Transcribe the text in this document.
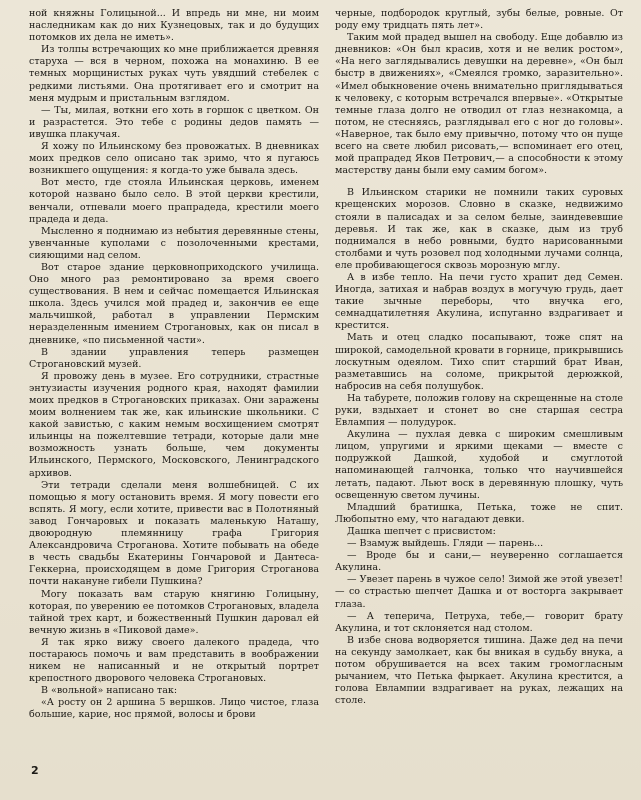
ной княжны Голицыной... И впредь ни мне, ни моим наследникам как до них Кузнецовых, так и до будущих потомков их дела не иметь».

Из толпы встречающих ко мне приближается древняя старуха — вся в черном, похожа на монахиню. В ее темных морщинистых руках чуть увядший стебелек с редкими листьями. Она протягивает его и смотрит на меня мудрым и пристальным взглядом.

— Ты, милая, воткни его хоть в горшок с цветком. Он и разрастется. Это тебе с родины дедов память — ивушка плакучая.

Я хожу по Ильинскому без провожатых. В дневниках моих предков село описано так зримо, что я пугаюсь возникшего ощущения: я когда-то уже бывала здесь.

Вот место, где стояла Ильинская церковь, именем которой названо было село. В этой церкви крестили, венчали, отпевали моего прапрадеда, крестили моего прадеда и деда.

Мысленно я поднимаю из небытия деревянные стены, увенчанные куполами с позолоченными крестами, сияющими над селом.

Вот старое здание церковноприходского училища. Оно много раз ремонтировано за время своего существования. В нем и сейчас помещается Ильинская школа. Здесь учился мой прадед и, закончив ее еще мальчишкой, работал в управлении Пермским неразделенным имением Строгановых, как он писал в дневнике, «по письменной части».

В здании управления теперь размещен Строгановский музей.

Я провожу день в музее. Его сотрудники, страстные энтузиасты изучения родного края, находят фамилии моих предков в Строгановских приказах. Они заражены моим волнением так же, как ильинские школьники. С какой завистью, с каким немым восхищением смотрят ильинцы на пожелтевшие тетради, которые дали мне возможность узнать больше, чем документы Ильинского, Пермского, Московского, Ленинградского архивов.

Эти тетради сделали меня волшебницей. С их помощью я могу остановить время. Я могу повести его вспять. Я могу, если хотите, привести вас в Полотняный завод Гончаровых и показать маленькую Наташу, двоюродную племянницу графа Григория Александровича Строганова. Хотите побывать на обеде в честь свадьбы Екатерины Гончаровой и Дантеса-Геккерна, происходящем в доме Григория Строганова почти накануне гибели Пушкина?

Могу показать вам старую княгиню Голицыну, которая, по уверению ее потомков Строгановых, владела тайной трех карт, и божественный Пушкин даровал ей вечную жизнь в «Пиковой даме».

Я так ярко вижу своего далекого прадеда, что постараюсь помочь и вам представить в воображении никем не написанный и не открытый портрет крепостного дворового человека Строгановых.

В «вольной» написано так:

«А росту он 2 аршина 5 вершков. Лицо чистое, глаза большие, карие, нос прямой, волосы и брови

черные, подбородок круглый, зубы белые, ровные. От роду ему тридцать пять лет».

Таким мой прадед вышел на свободу. Еще добавлю из дневников: «Он был красив, хотя и не велик ростом», «На него заглядывались девушки на деревне», «Он был быстр в движениях», «Смеялся громко, заразительно». «Имел обыкновение очень внимательно приглядываться к человеку, с которым встречался впервые». «Открытые темные глаза долго не отводил от глаз незнакомца, а потом, не стесняясь, разглядывал его с ног до головы». «Наверное, так было ему привычно, потому что он пуще всего на свете любил рисовать,— вспоминает его отец, мой прапрадед Яков Петрович,— а способности к этому мастерству даны были ему самим богом».

В Ильинском старики не помнили таких суровых крещенских морозов. Словно в сказке, недвижимо стояли в палисадах и за селом белые, заиндевевшие деревья. И так же, как в сказке, дым из труб поднимался в небо ровными, будто нарисованными столбами и чуть розовел под холодными лучами солнца, еле пробивающегося сквозь морозную мглу.

А в избе тепло. На печи густо храпит дед Семен. Иногда, затихая и набрав воздух в могучую грудь, дает такие зычные переборы, что внучка его, семнадцатилетняя Акулина, испуганно вздрагивает и крестится.

Мать и отец сладко посапывают, тоже спят на широкой, самодельной кровати в горнице, прикрывшись лоскутным одеялом. Тихо спит старший брат Иван, разметавшись на соломе, прикрытой дерюжкой, набросив на себя полушубок.

На табурете, положив голову на скрещенные на столе руки, вздыхает и стонет во сне старшая сестра Евлампия — полудурок.

Акулина — пухлая девка с широким смешливым лицом, упругими и яркими щеками — вместе с подружкой Дашкой, худобой и смуглотой напоминающей галчонка, только что научившейся летать, падают. Льют воск в деревянную плошку, чуть освещенную светом лучины.

Младший братишка, Петька, тоже не спит. Любопытно ему, что нагадают девки.

Дашка шепчет с присвистом:

— Взамуж выйдешь. Гляди — парень...

— Вроде бы и сани,— неуверенно соглашается Акулина.

— Увезет парень в чужое село! Зимой же этой увезет! — со страстью шепчет Дашка и от восторга закрывает глаза.

— А теперича, Петруха, тебе,— говорит брату Акулина, и тот склоняется над столом.

В избе снова водворяется тишина. Даже дед на печи на секунду замолкает, как бы вникая в судьбу внука, а потом обрушивается на всех таким громогласным рычанием, что Петька фыркает. Акулина крестится, а голова Евлампии вздрагивает на руках, лежащих на столе.

2
